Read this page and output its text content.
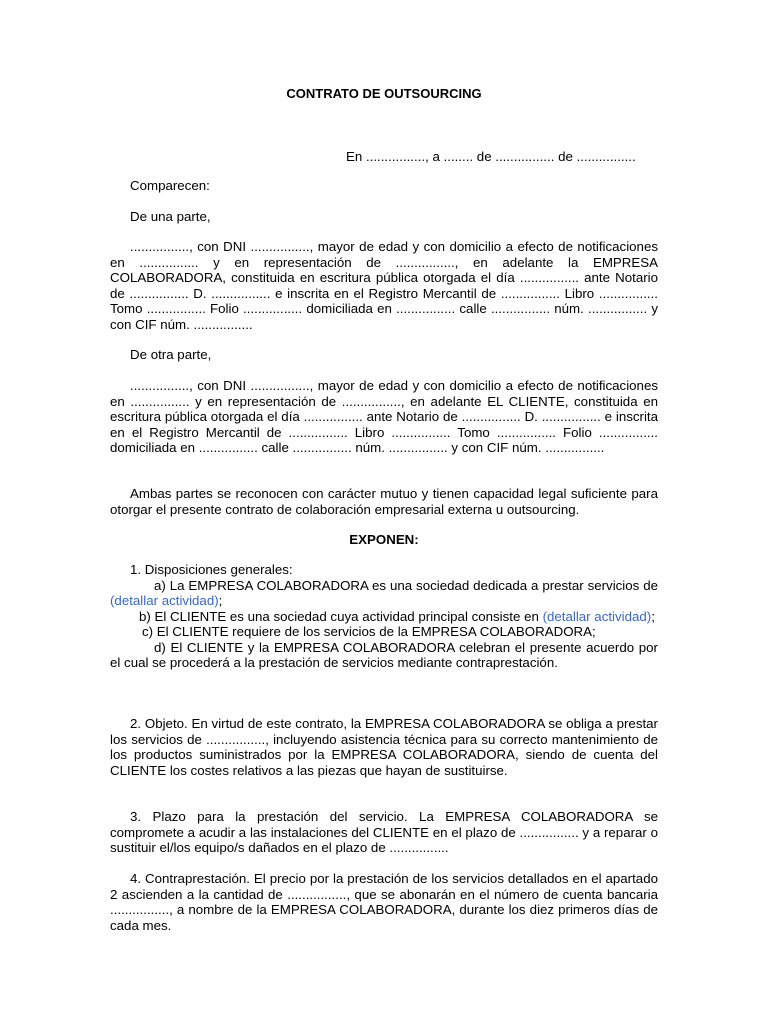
CONTRATO DE OUTSOURCING
En ................, a ........ de ................ de ................
Comparecen:
De una parte,

................, con DNI ................, mayor de edad y con domicilio a efecto de notificaciones en ................ y en representación de ................, en adelante la EMPRESA COLABORADORA, constituida en escritura pública otorgada el día ................ ante Notario de ................ D. ................ e inscrita en el Registro Mercantil de ................ Libro ................ Tomo ................ Folio ................ domiciliada en ................ calle ................ núm. ................ y con CIF núm. ................

De otra parte,

................, con DNI ................, mayor de edad y con domicilio a efecto de notificaciones en ................ y en representación de ................, en adelante EL CLIENTE, constituida en escritura pública otorgada el día ................ ante Notario de ................ D. ................ e inscrita en el Registro Mercantil de ................ Libro ................ Tomo ................ Folio ................ domiciliada en ................ calle ................ núm. ................ y con CIF núm. ................

Ambas partes se reconocen con carácter mutuo y tienen capacidad legal suficiente para otorgar el presente contrato de colaboración empresarial externa u outsourcing.

EXPONEN:

1. Disposiciones generales:

a) La EMPRESA COLABORADORA es una sociedad dedicada a prestar servicios de (detallar actividad);

b) El CLIENTE es una sociedad cuya actividad principal consiste en (detallar actividad);

c) El CLIENTE requiere de los servicios de la EMPRESA COLABORADORA;

d) El CLIENTE y la EMPRESA COLABORADORA celebran el presente acuerdo por el cual se procederá a la prestación de servicios mediante contraprestación.

2. Objeto. En virtud de este contrato, la EMPRESA COLABORADORA se obliga a prestar los servicios de ................, incluyendo asistencia técnica para su correcto mantenimiento de los productos suministrados por la EMPRESA COLABORADORA, siendo de cuenta del CLIENTE los costes relativos a las piezas que hayan de sustituirse.

3. Plazo para la prestación del servicio. La EMPRESA COLABORADORA se compromete a acudir a las instalaciones del CLIENTE en el plazo de ................ y a reparar o sustituir el/los equipo/s dañados en el plazo de ................

4. Contraprestación. El precio por la prestación de los servicios detallados en el apartado 2 ascienden a la cantidad de ................, que se abonarán en el número de cuenta bancaria ................, a nombre de la EMPRESA COLABORADORA, durante los diez primeros días de cada mes.
